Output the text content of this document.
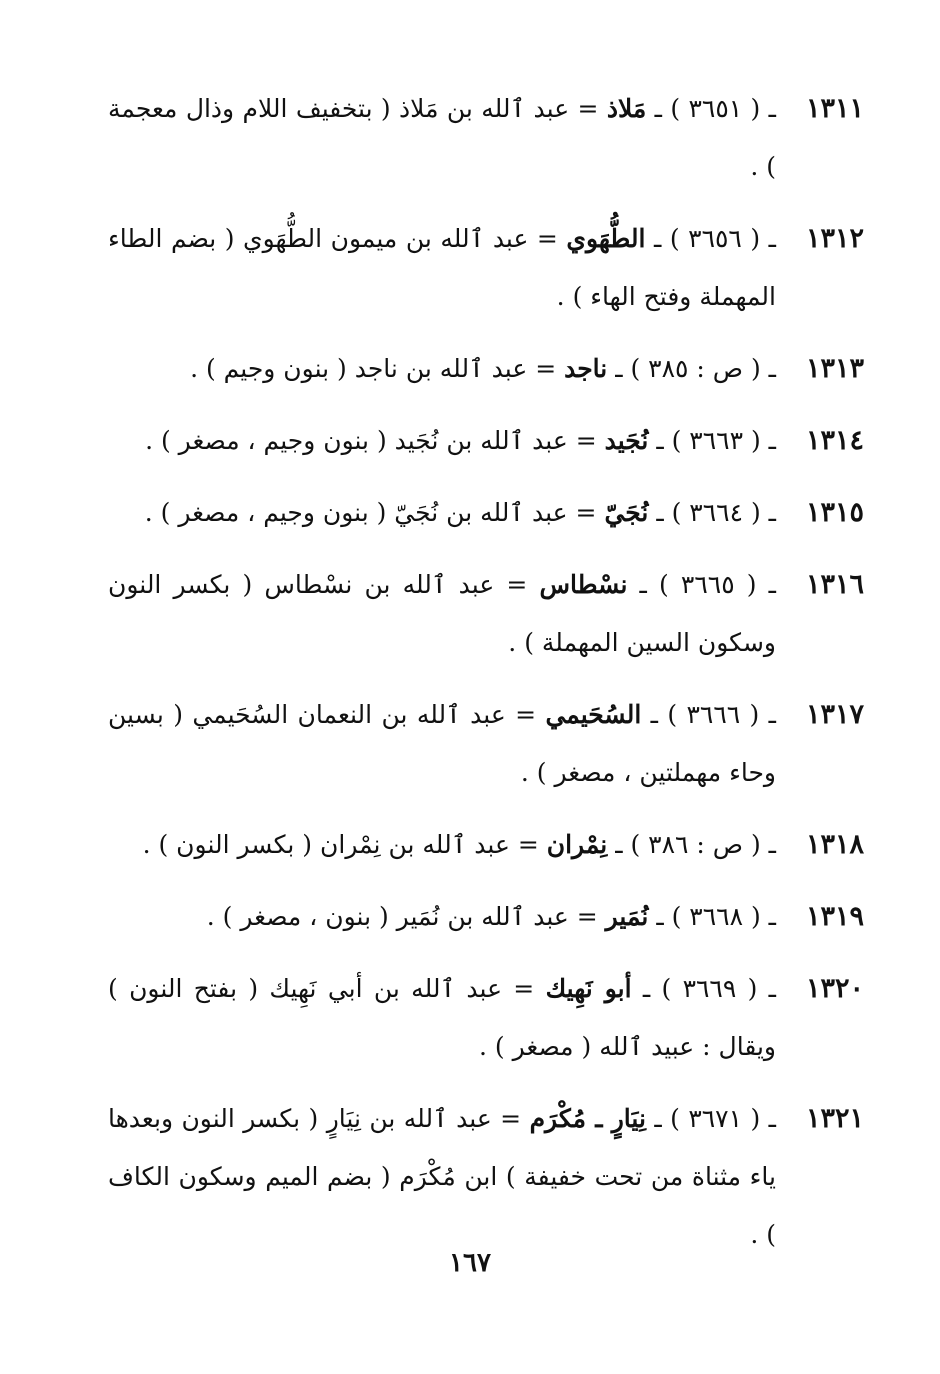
١٣١١
ـ ( ٣٦٥١ ) ـ مَلاذ = عبد ٱلله بن مَلاذ ( بتخفيف اللام وذال معجمة ) .
١٣١٢
ـ ( ٣٦٥٦ ) ـ الطُّهَوي = عبد ٱلله بن ميمون الطُّهَوي ( بضم الطاء المهملة وفتح الهاء ) .
١٣١٣
ـ ( ص : ٣٨٥ ) ـ ناجد = عبد ٱلله بن ناجد ( بنون وجيم ) .
١٣١٤
ـ ( ٣٦٦٣ ) ـ نُجَيد = عبد ٱلله بن نُجَيد ( بنون وجيم ، مصغر ) .
١٣١٥
ـ ( ٣٦٦٤ ) ـ نُجَيّ = عبد ٱلله بن نُجَيّ ( بنون وجيم ، مصغر ) .
١٣١٦
ـ ( ٣٦٦٥ ) ـ نسْطاس = عبد ٱلله بن نسْطاس ( بكسر النون وسكون السين المهملة ) .
١٣١٧
ـ ( ٣٦٦٦ ) ـ السُحَيمي = عبد ٱلله بن النعمان السُحَيمي ( بسين وحاء مهملتين ، مصغر ) .
١٣١٨
ـ ( ص : ٣٨٦ ) ـ نِمْران = عبد ٱلله بن نِمْران ( بكسر النون ) .
١٣١٩
ـ ( ٣٦٦٨ ) ـ نُمَير = عبد ٱلله بن نُمَير ( بنون ، مصغر ) .
١٣٢٠
ـ ( ٣٦٦٩ ) ـ أبو نَهِيك = عبد ٱلله بن أبي نَهِيك ( بفتح النون ) ويقال : عبيد ٱلله ( مصغر ) .
١٣٢١
ـ ( ٣٦٧١ ) ـ نِيَارٍ ـ مُكْرَم = عبد ٱلله بن نِيَارٍ ( بكسر النون وبعدها ياء مثناة من تحت خفيفة ) ابن مُكْرَم ( بضم الميم وسكون الكاف ) .
١٦٧
